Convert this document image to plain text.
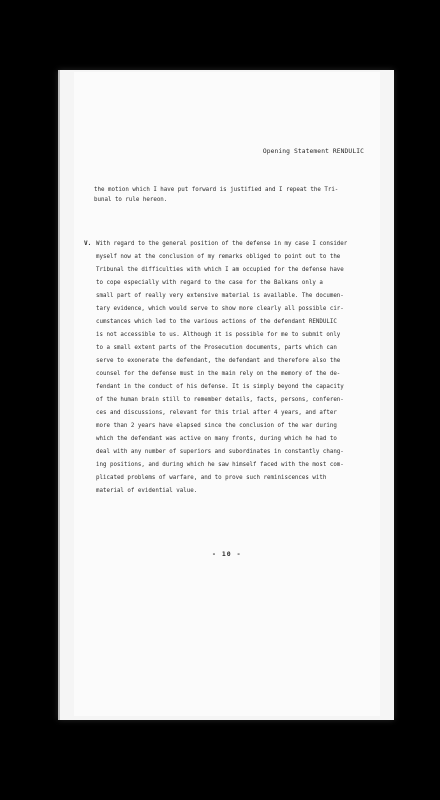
Opening Statement RENDULIC
the motion which I have put forward is justified and I repeat the Tri-
bunal to rule hereon.
V. With regard to the general position of the defense in my case I consider
myself now at the conclusion of my remarks obliged to point out to the
Tribunal the difficulties with which I am occupied for the defense have
to cope especially with regard to the case for the Balkans only a
small part of really very extensive material is available. The documen-
tary evidence, which would serve to show more clearly all possible cir-
cumstances which led to the various actions of the defendant RENDULIC
is not accessible to us. Although it is possible for me to submit only
to a small extent parts of the Prosecution documents, parts which can
serve to exonerate the defendant, the defendant and therefore also the
counsel for the defense must in the main rely on the memory of the de-
fendant in the conduct of his defense. It is simply beyond the capacity
of the human brain still to remember details, facts, persons, conferen-
ces and discussions, relevant for this trial after 4 years, and after
more than 2 years have elapsed since the conclusion of the war during
which the defendant was active on many fronts, during which he had to
deal with any number of superiors and subordinates in constantly chang-
ing positions, and during which he saw himself faced with the most com-
plicated problems of warfare, and to prove such reminiscences with
material of evidential value.
- 10 -
